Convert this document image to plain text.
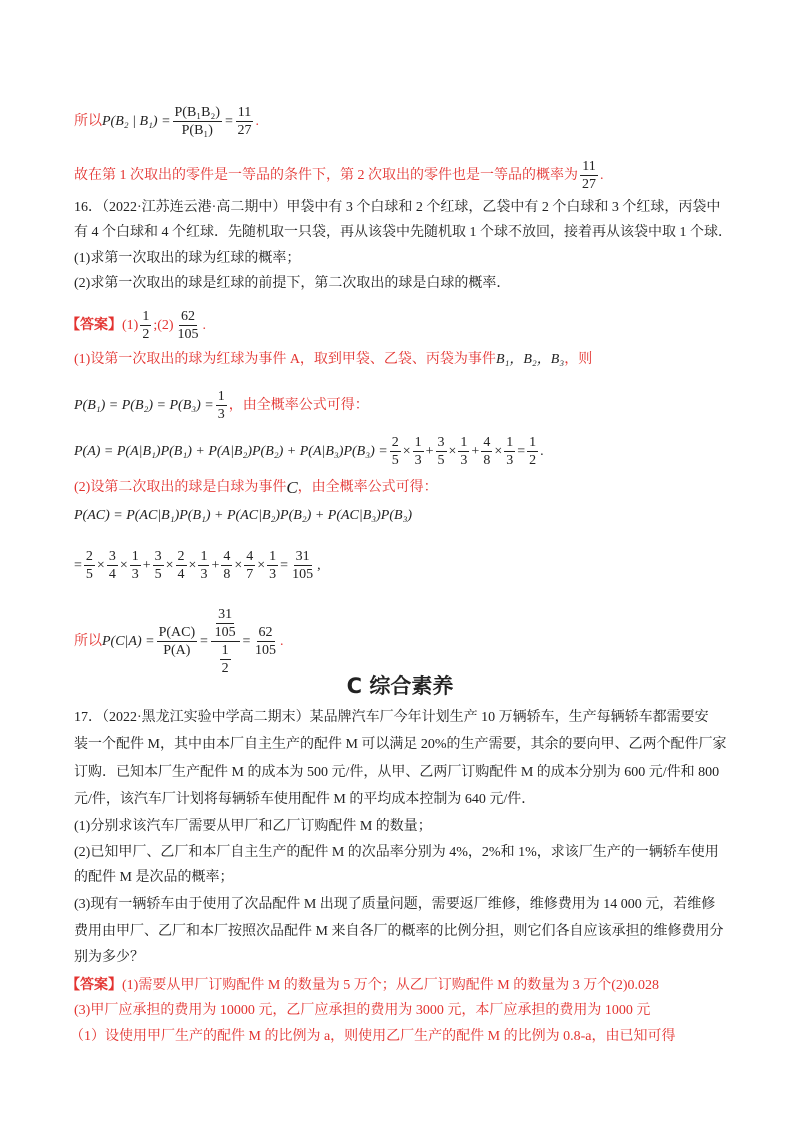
所以 P(B₂ | $B_1) = \frac{\text{P(B₁B₂)}}{\text{P(B₁)}} = \frac{11}{27}$ .
故在第 1 次取出的零件是一等品的条件下，第 2 次取出的零件也是一等品的概率为 $\frac{11}{27}$ .
16．（2022·江苏连云港·高二期中）甲袋中有 3 个白球和 2 个红球，乙袋中有 2 个白球和 3 个红球，丙袋中
有 4 个白球和 4 个红球．先随机取一只袋，再从该袋中先随机取 1 个球不放回，接着再从该袋中取 1 个球．
(1)求第一次取出的球为红球的概率；
(2)求第一次取出的球是红球的前提下，第二次取出的球是白球的概率．
【答案】 $(1) \frac{1}{2}$ ;(2) $\frac{62}{105}$ .
(1)设第一次取出的球为红球为事件 A，取到甲袋、乙袋、丙袋为事件 B₁，B₂，B₃ ，则
$P(B_1) = P(B_2) = P(B_3) = \frac{1}{3}$ ，由全概率公式可得：
$P(A) = P(A|B_1)P(B_1) + P(A|B_2)P(B_2) + P(A|B_3)P(B_3) = \frac{2}{5} \times \frac{1}{3} + \frac{3}{5} \times \frac{1}{3} + \frac{4}{8} \times \frac{1}{3} = \frac{1}{2}$ .
(2)设第二次取出的球是白球为事件 C ，由全概率公式可得：
P(AC) = P(AC|B₁)P(B₁) + P(AC|B₂)P(B₂) + P(AC|B₃)P(B₃)
= $\frac{2}{5} \times \frac{3}{4} \times \frac{1}{3} + \frac{3}{5} \times \frac{2}{4} \times \frac{1}{3} + \frac{4}{8} \times \frac{4}{7} \times \frac{1}{3} = \frac{31}{105}$ ,
所以 $P(C|A) = \frac{P(AC)}{P(A)} = \frac{\frac{31}{105}}{\frac{1}{2}} = \frac{62}{105}$ .
C 综合素养
17．（2022·黑龙江实验中学高二期末）某品牌汽车厂今年计划生产 10 万辆轿车，生产每辆轿车都需要安
装一个配件 M，其中由本厂自主生产的配件 M 可以满足 20%的生产需要，其余的要向甲、乙两个配件厂家
订购．已知本厂生产配件 M 的成本为 500 元/件，从甲、乙两厂订购配件 M 的成本分别为 600 元/件和 800
元/件，该汽车厂计划将每辆轿车使用配件 M 的平均成本控制为 640 元/件．
(1)分别求该汽车厂需要从甲厂和乙厂订购配件 M 的数量；
(2)已知甲厂、乙厂和本厂自主生产的配件 M 的次品率分别为 4%，2%和 1%，求该厂生产的一辆轿车使用
的配件 M 是次品的概率；
(3)现有一辆轿车由于使用了次品配件 M 出现了质量问题，需要返厂维修，维修费用为 14 000 元，若维修
费用由甲厂、乙厂和本厂按照次品配件 M 来自各厂的概率的比例分担，则它们各自应该承担的维修费用分
别为多少？
【答案】 (1)需要从甲厂订购配件 M 的数量为 5 万个；从乙厂订购配件 M 的数量为 3 万个(2)0.028
(3)甲厂应承担的费用为 10000 元，乙厂应承担的费用为 3000 元，本厂应承担的费用为 1000 元
（1）设使用甲厂生产的配件 M 的比例为 a，则使用乙厂生产的配件 M 的比例为 0.8-a，由已知可得
